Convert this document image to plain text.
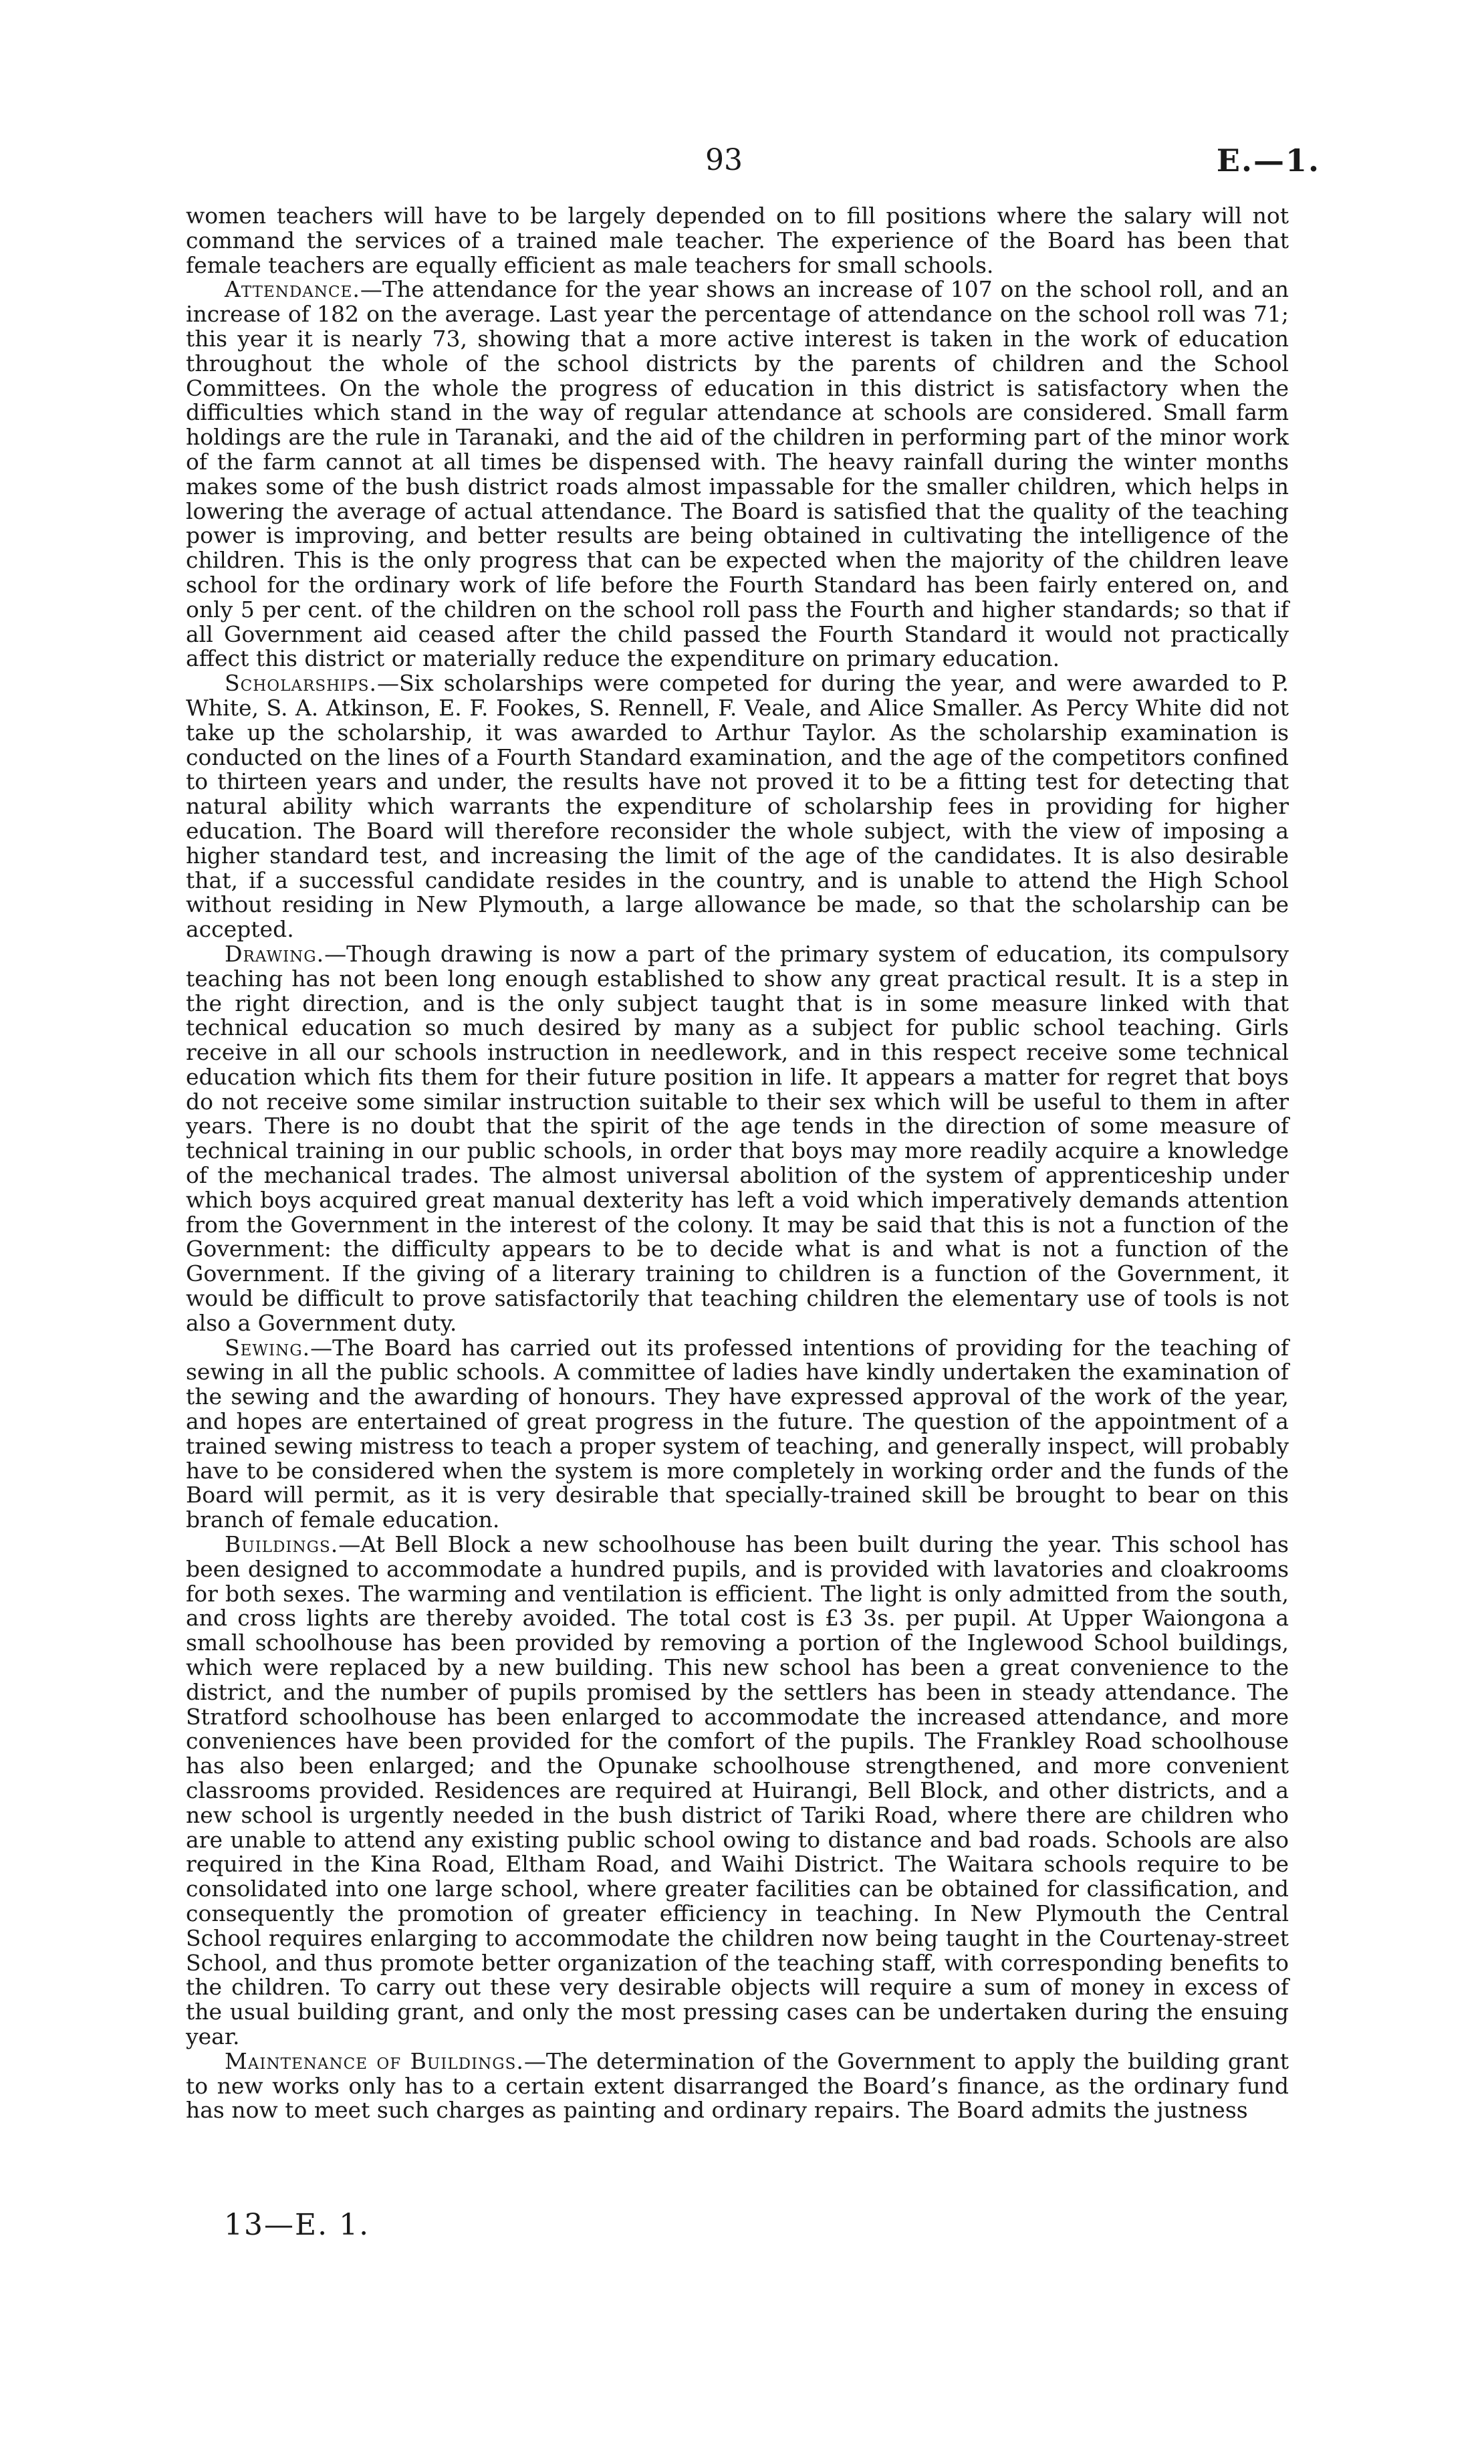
93	E.—1.

women teachers will have to be largely depended on to fill positions where the salary will not command the services of a trained male teacher. The experience of the Board has been that female teachers are equally efficient as male teachers for small schools.

Attendance.—The attendance for the year shows an increase of 107 on the school roll, and an increase of 182 on the average. Last year the percentage of attendance on the school roll was 71; this year it is nearly 73, showing that a more active interest is taken in the work of education throughout the whole of the school districts by the parents of children and the School Committees. On the whole the progress of education in this district is satisfactory when the difficulties which stand in the way of regular attendance at schools are considered. Small farm holdings are the rule in Taranaki, and the aid of the children in performing part of the minor work of the farm cannot at all times be dispensed with. The heavy rainfall during the winter months makes some of the bush district roads almost impassable for the smaller children, which helps in lowering the average of actual attendance. The Board is satisfied that the quality of the teaching power is improving, and better results are being obtained in cultivating the intelligence of the children. This is the only progress that can be expected when the majority of the children leave school for the ordinary work of life before the Fourth Standard has been fairly entered on, and only 5 per cent. of the children on the school roll pass the Fourth and higher standards; so that if all Government aid ceased after the child passed the Fourth Standard it would not practically affect this district or materially reduce the expenditure on primary education.

Scholarships.—Six scholarships were competed for during the year, and were awarded to P. White, S. A. Atkinson, E. F. Fookes, S. Rennell, F. Veale, and Alice Smaller. As Percy White did not take up the scholarship, it was awarded to Arthur Taylor. As the scholarship examination is conducted on the lines of a Fourth Standard examination, and the age of the competitors confined to thirteen years and under, the results have not proved it to be a fitting test for detecting that natural ability which warrants the expenditure of scholarship fees in providing for higher education. The Board will therefore reconsider the whole subject, with the view of imposing a higher standard test, and increasing the limit of the age of the candidates. It is also desirable that, if a successful candidate resides in the country, and is unable to attend the High School without residing in New Plymouth, a large allowance be made, so that the scholarship can be accepted.

Drawing.—Though drawing is now a part of the primary system of education, its compulsory teaching has not been long enough established to show any great practical result. It is a step in the right direction, and is the only subject taught that is in some measure linked with that technical education so much desired by many as a subject for public school teaching. Girls receive in all our schools instruction in needlework, and in this respect receive some technical education which fits them for their future position in life. It appears a matter for regret that boys do not receive some similar instruction suitable to their sex which will be useful to them in after years. There is no doubt that the spirit of the age tends in the direction of some measure of technical training in our public schools, in order that boys may more readily acquire a knowledge of the mechanical trades. The almost universal abolition of the system of apprenticeship under which boys acquired great manual dexterity has left a void which imperatively demands attention from the Government in the interest of the colony. It may be said that this is not a function of the Government: the difficulty appears to be to decide what is and what is not a function of the Government. If the giving of a literary training to children is a function of the Government, it would be difficult to prove satisfactorily that teaching children the elementary use of tools is not also a Government duty.

Sewing.—The Board has carried out its professed intentions of providing for the teaching of sewing in all the public schools. A committee of ladies have kindly undertaken the examination of the sewing and the awarding of honours. They have expressed approval of the work of the year, and hopes are entertained of great progress in the future. The question of the appointment of a trained sewing mistress to teach a proper system of teaching, and generally inspect, will probably have to be considered when the system is more completely in working order and the funds of the Board will permit, as it is very desirable that specially-trained skill be brought to bear on this branch of female education.

Buildings.—At Bell Block a new schoolhouse has been built during the year. This school has been designed to accommodate a hundred pupils, and is provided with lavatories and cloakrooms for both sexes. The warming and ventilation is efficient. The light is only admitted from the south, and cross lights are thereby avoided. The total cost is £3 3s. per pupil. At Upper Waiongona a small schoolhouse has been provided by removing a portion of the Inglewood School buildings, which were replaced by a new building. This new school has been a great convenience to the district, and the number of pupils promised by the settlers has been in steady attendance. The Stratford schoolhouse has been enlarged to accommodate the increased attendance, and more conveniences have been provided for the comfort of the pupils. The Frankley Road schoolhouse has also been enlarged; and the Opunake schoolhouse strengthened, and more convenient classrooms provided. Residences are required at Huirangi, Bell Block, and other districts, and a new school is urgently needed in the bush district of Tariki Road, where there are children who are unable to attend any existing public school owing to distance and bad roads. Schools are also required in the Kina Road, Eltham Road, and Waihi District. The Waitara schools require to be consolidated into one large school, where greater facilities can be obtained for classification, and consequently the promotion of greater efficiency in teaching. In New Plymouth the Central School requires enlarging to accommodate the children now being taught in the Courtenay-street School, and thus promote better organization of the teaching staff, with corresponding benefits to the children. To carry out these very desirable objects will require a sum of money in excess of the usual building grant, and only the most pressing cases can be undertaken during the ensuing year.

Maintenance of Buildings.—The determination of the Government to apply the building grant to new works only has to a certain extent disarranged the Board’s finance, as the ordinary fund has now to meet such charges as painting and ordinary repairs. The Board admits the justness

13—E. 1.
